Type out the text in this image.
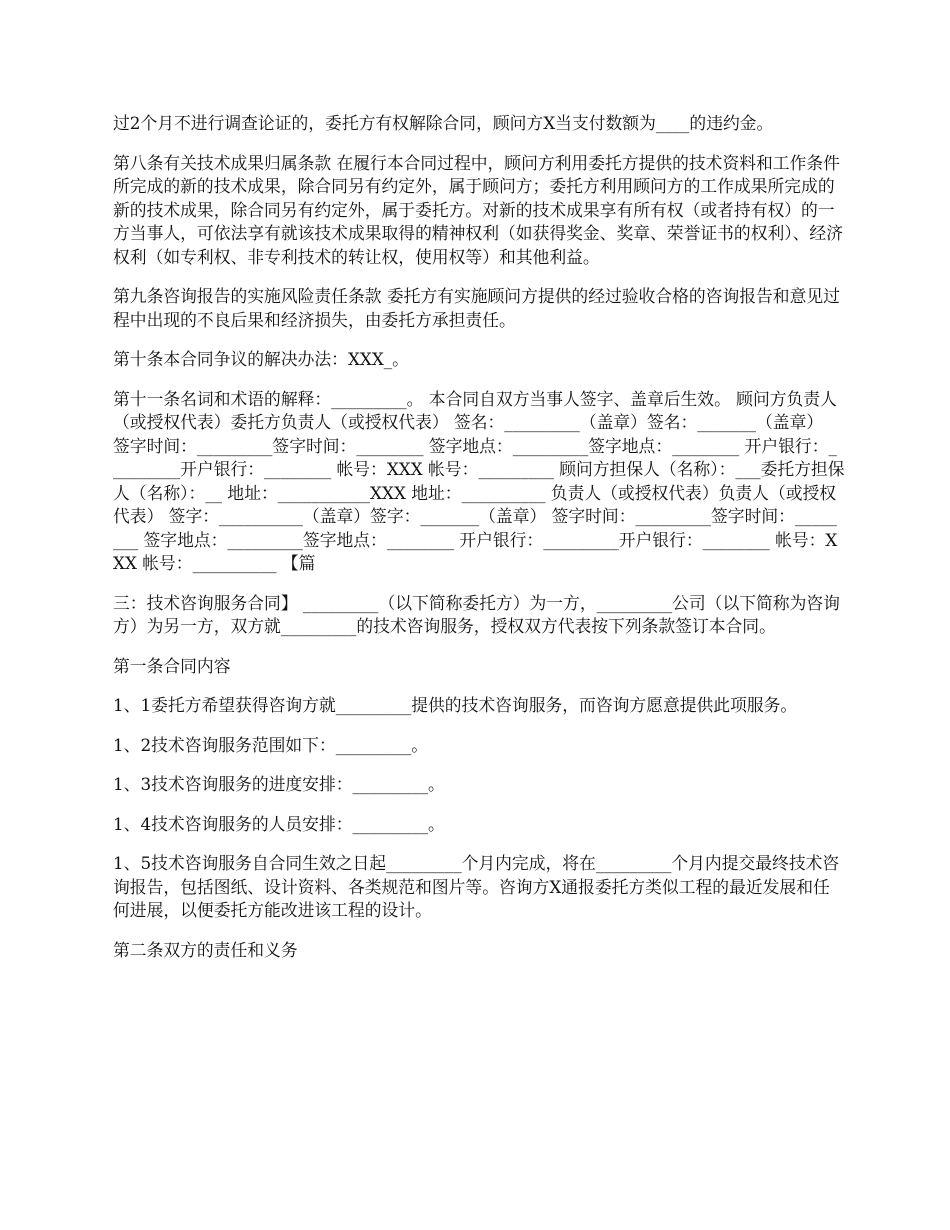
过2个月不进行调查论证的，委托方有权解除合同，顾问方X当支付数额为____的违约金。

第八条有关技术成果归属条款 在履行本合同过程中，顾问方利用委托方提供的技术资料和工作条件所完成的新的技术成果，除合同另有约定外，属于顾问方；委托方利用顾问方的工作成果所完成的新的技术成果，除合同另有约定外，属于委托方。对新的技术成果享有所有权（或者持有权）的一方当事人，可依法享有就该技术成果取得的精神权利（如获得奖金、奖章、荣誉证书的权利）、经济权利（如专利权、非专利技术的转让权，使用权等）和其他利益。

第九条咨询报告的实施风险责任条款 委托方有实施顾问方提供的经过验收合格的咨询报告和意见过程中出现的不良后果和经济损失，由委托方承担责任。

第十条本合同争议的解决办法：XXX_。

第十一条名词和术语的解释：_________。 本合同自双方当事人签字、盖章后生效。 顾问方负责人（或授权代表）委托方负责人（或授权代表） 签名：_________（盖章）签名：_______（盖章） 签字时间：_________签字时间：________ 签字地点：_________签字地点：________ 开户银行：_________开户银行：________ 帐号：XXX 帐号：_________ 顾问方担保人（名称）：___委托方担保人（名称）：__ 地址：___________XXX 地址：__________ 负责人（或授权代表）负责人（或授权代表） 签字：__________（盖章）签字：_______（盖章） 签字时间：_________签字时间：________ 签字地点：_________签字地点：________ 开户银行：_________开户银行：________ 帐号：XXX 帐号：__________ 【篇

三：技术咨询服务合同】 _________（以下简称委托方）为一方，_________公司（以下简称为咨询方）为另一方，双方就_________的技术咨询服务，授权双方代表按下列条款签订本合同。

第一条合同内容

1、1委托方希望获得咨询方就_________提供的技术咨询服务，而咨询方愿意提供此项服务。

1、2技术咨询服务范围如下：_________。

1、3技术咨询服务的进度安排：_________。

1、4技术咨询服务的人员安排：_________。

1、5技术咨询服务自合同生效之日起_________个月内完成，将在_________个月内提交最终技术咨询报告，包括图纸、设计资料、各类规范和图片等。咨询方X通报委托方类似工程的最近发展和任何进展，以便委托方能改进该工程的设计。

第二条双方的责任和义务
